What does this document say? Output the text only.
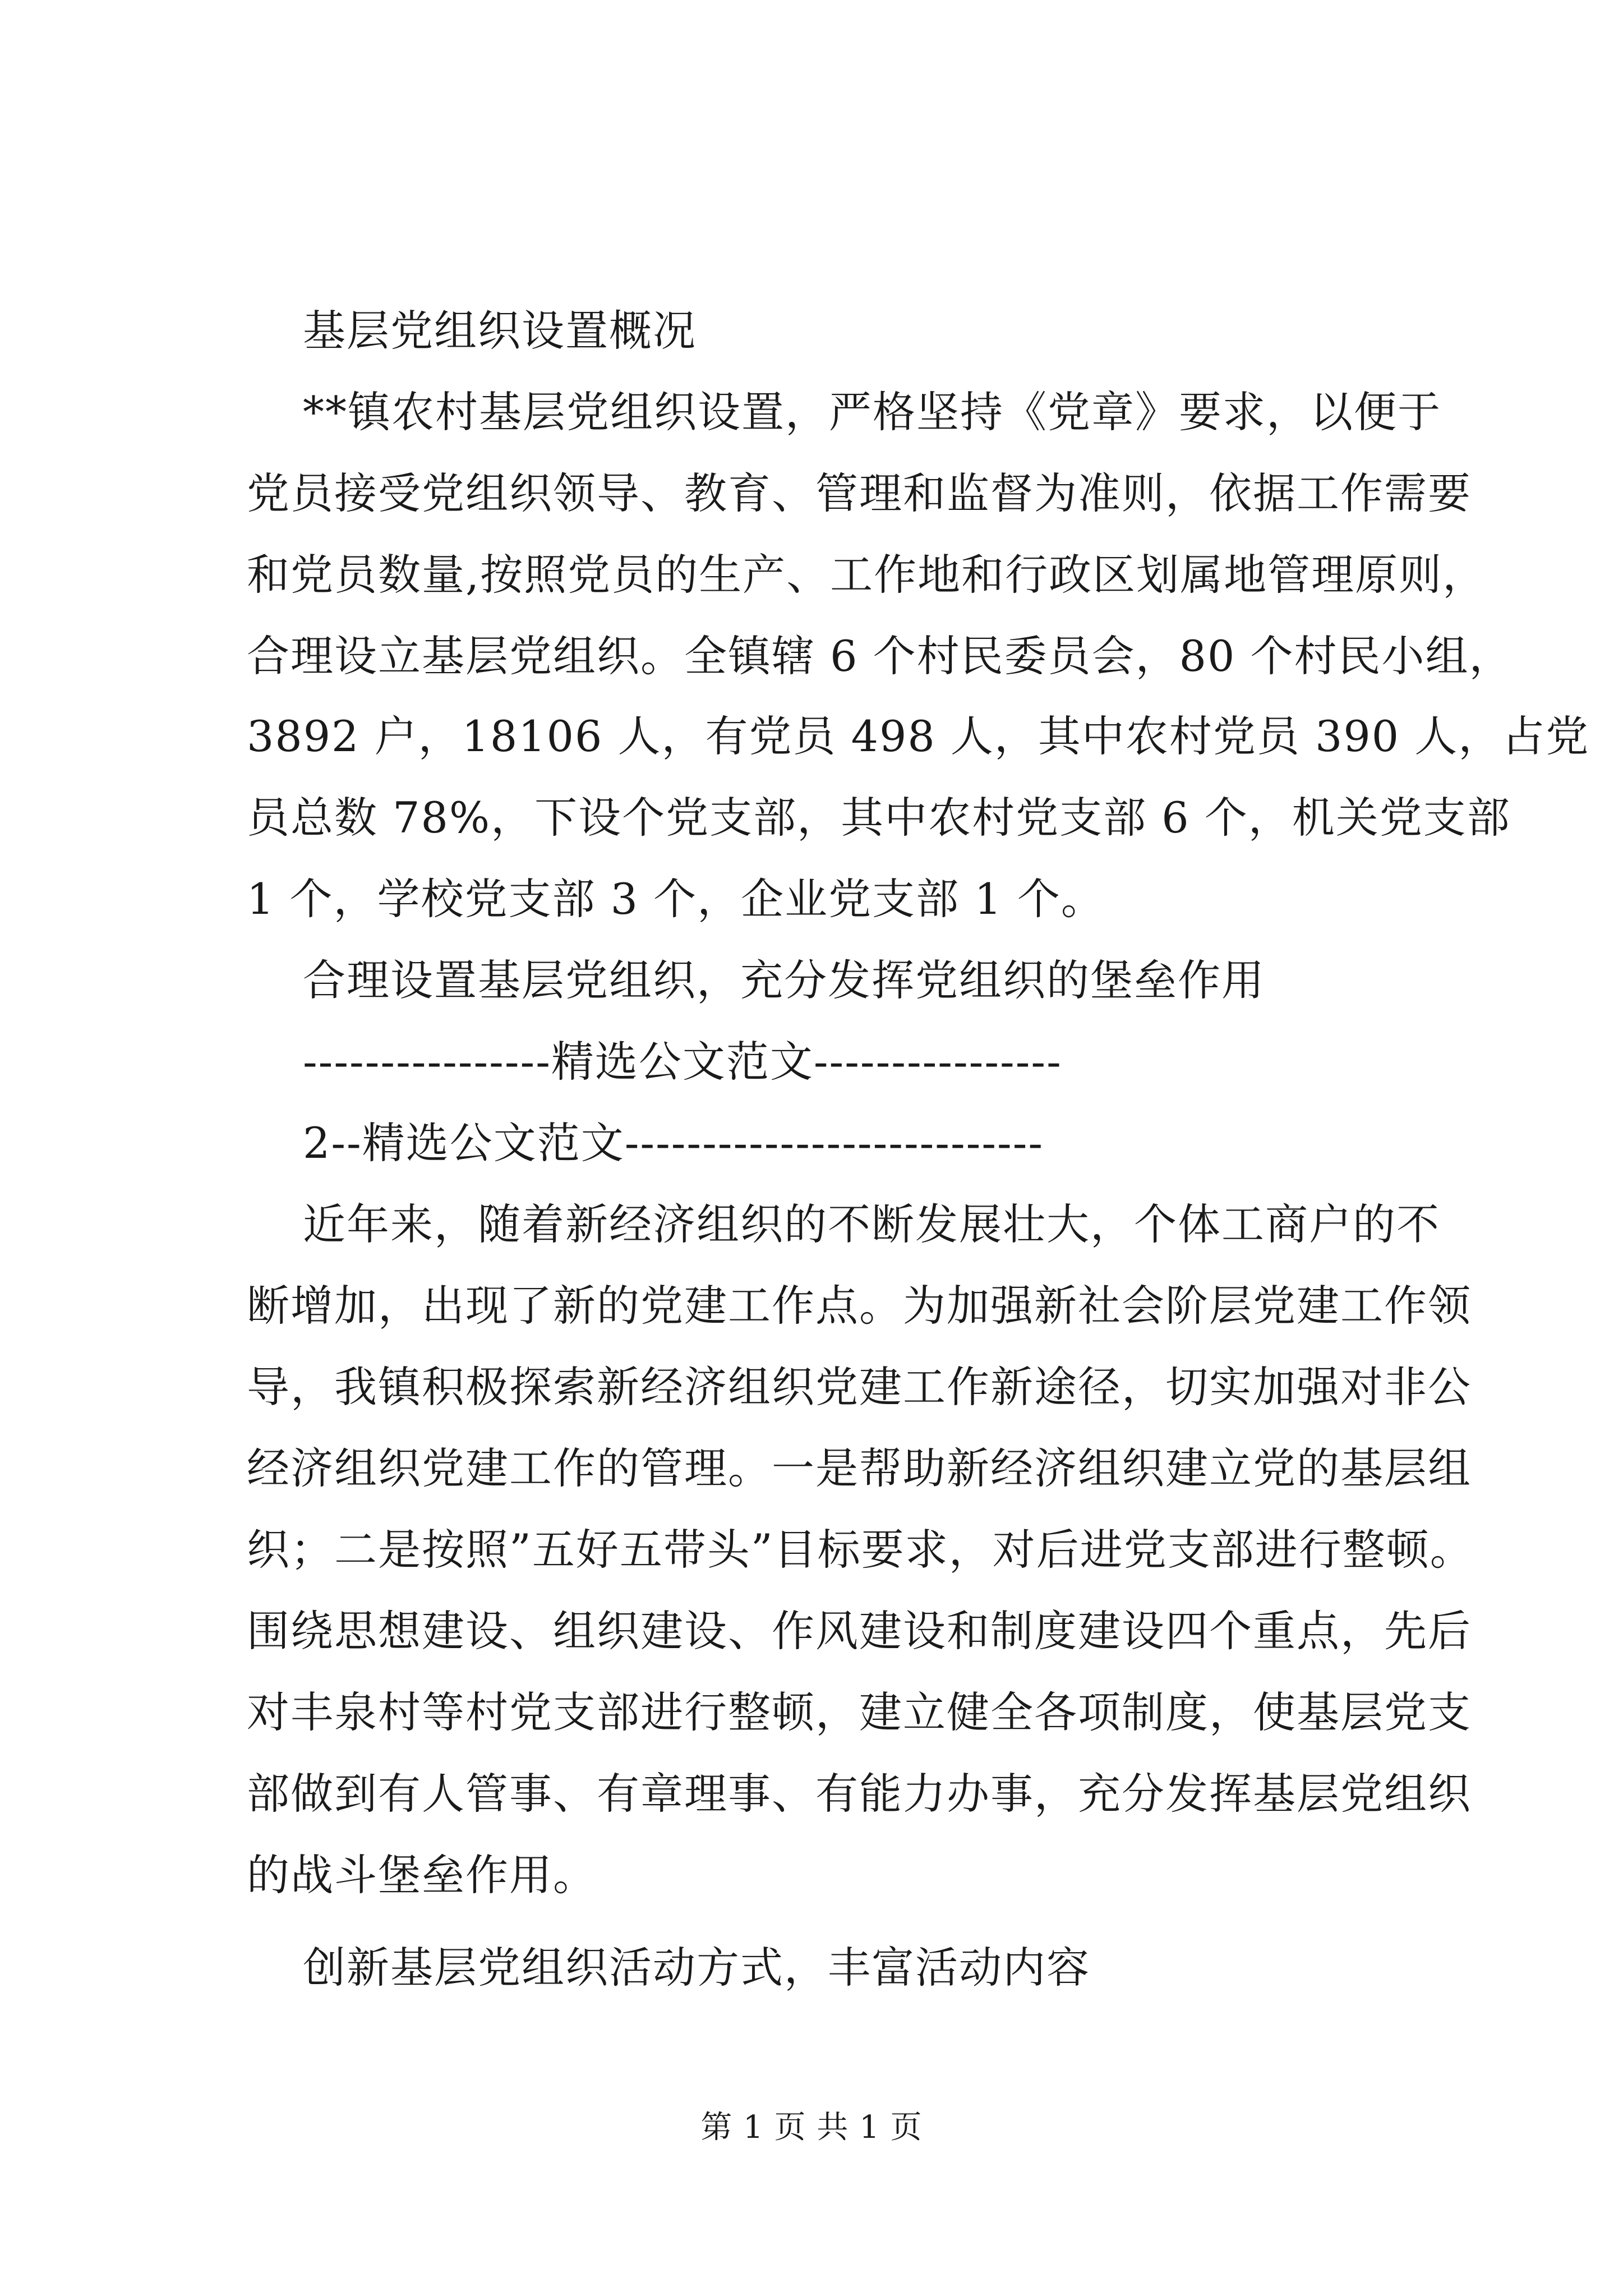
基层党组织设置概况
**镇农村基层党组织设置，严格坚持《党章》要求，以便于
党员接受党组织领导、教育、管理和监督为准则，依据工作需要
和党员数量,按照党员的生产、工作地和行政区划属地管理原则，
合理设立基层党组织。全镇辖 6 个村民委员会，80 个村民小组，
3892 户，18106 人，有党员 498 人，其中农村党员 390 人，占党
员总数 78%，下设个党支部，其中农村党支部 6 个，机关党支部
1 个，学校党支部 3 个，企业党支部 1 个。
合理设置基层党组织，充分发挥党组织的堡垒作用
----------------精选公文范文----------------
2--精选公文范文---------------------------
近年来，随着新经济组织的不断发展壮大，个体工商户的不
断增加，出现了新的党建工作点。为加强新社会阶层党建工作领
导，我镇积极探索新经济组织党建工作新途径，切实加强对非公
经济组织党建工作的管理。一是帮助新经济组织建立党的基层组
织；二是按照”五好五带头”目标要求，对后进党支部进行整顿。
围绕思想建设、组织建设、作风建设和制度建设四个重点，先后
对丰泉村等村党支部进行整顿，建立健全各项制度，使基层党支
部做到有人管事、有章理事、有能力办事，充分发挥基层党组织
的战斗堡垒作用。
创新基层党组织活动方式，丰富活动内容
第 1 页 共 1 页
